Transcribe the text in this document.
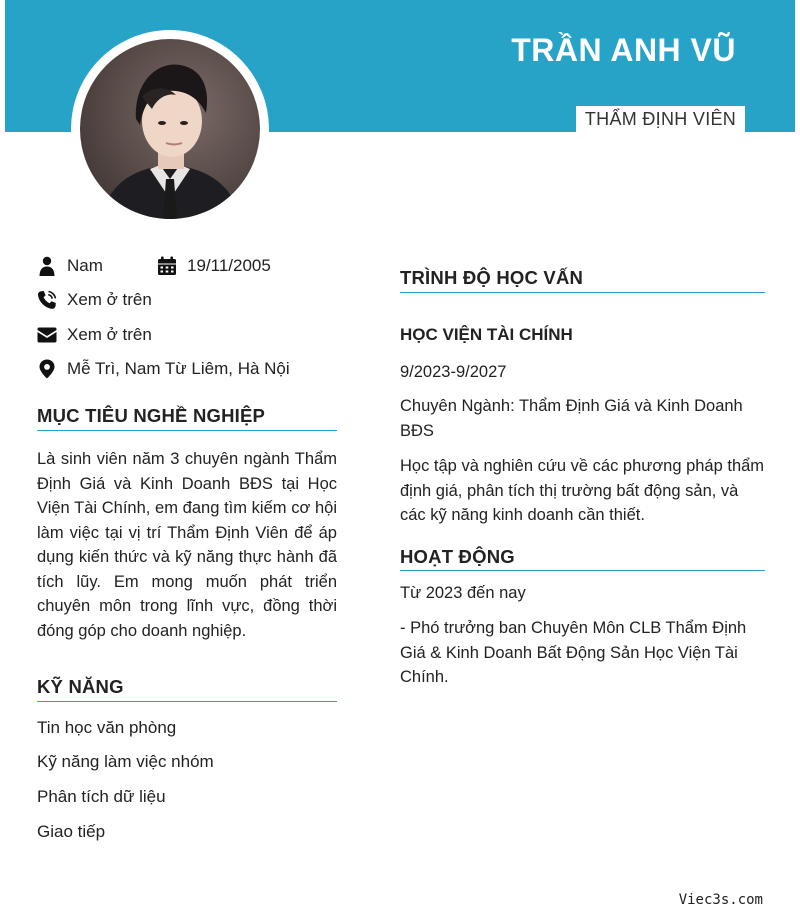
TRẦN ANH VŨ
THẨM ĐỊNH VIÊN
Nam	19/11/2005
Xem ở trên
Xem ở trên
Mễ Trì, Nam Từ Liêm, Hà Nội
MỤC TIÊU NGHỀ NGHIỆP
Là sinh viên năm 3 chuyên ngành Thẩm Định Giá và Kinh Doanh BĐS tại Học Viện Tài Chính, em đang tìm kiếm cơ hội làm việc tại vị trí Thẩm Định Viên để áp dụng kiến thức và kỹ năng thực hành đã tích lũy. Em mong muốn phát triển chuyên môn trong lĩnh vực, đồng thời đóng góp cho doanh nghiệp.
KỸ NĂNG
Tin học văn phòng
Kỹ năng làm việc nhóm
Phân tích dữ liệu
Giao tiếp
TRÌNH ĐỘ HỌC VẤN
HỌC VIỆN TÀI CHÍNH
9/2023-9/2027
Chuyên Ngành: Thẩm Định Giá và Kinh Doanh BĐS
Học tập và nghiên cứu về các phương pháp thẩm định giá, phân tích thị trường bất động sản, và các kỹ năng kinh doanh cần thiết.
HOẠT ĐỘNG
Từ 2023 đến nay
- Phó trưởng ban Chuyên Môn CLB Thẩm Định Giá & Kinh Doanh Bất Động Sản Học Viện Tài Chính.
Viec3s.com
